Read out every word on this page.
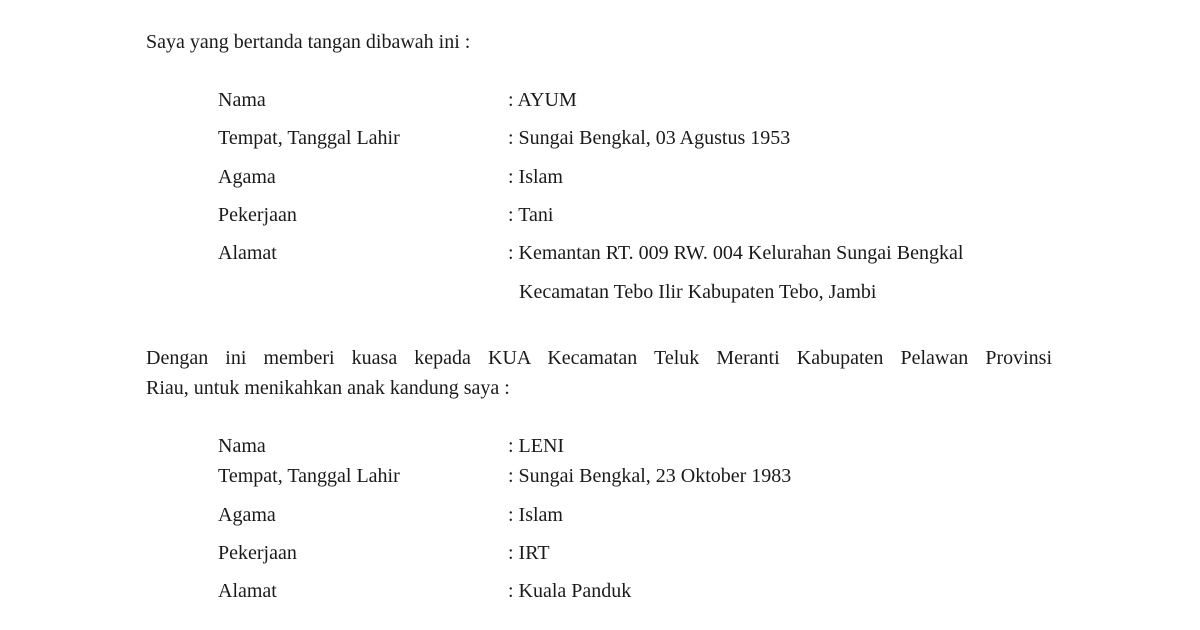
Saya yang bertanda tangan dibawah ini :
Nama	: AYUM
Tempat, Tanggal Lahir	: Sungai Bengkal, 03 Agustus 1953
Agama	: Islam
Pekerjaan	: Tani
Alamat	: Kemantan RT. 009 RW. 004 Kelurahan Sungai Bengkal
Kecamatan Tebo Ilir Kabupaten Tebo, Jambi
Dengan ini memberi kuasa kepada KUA Kecamatan Teluk Meranti Kabupaten Pelawan Provinsi
Riau, untuk menikahkan anak kandung saya :
Nama	: LENI
Tempat, Tanggal Lahir	: Sungai Bengkal, 23 Oktober 1983
Agama	: Islam
Pekerjaan	: IRT
Alamat	: Kuala Panduk
